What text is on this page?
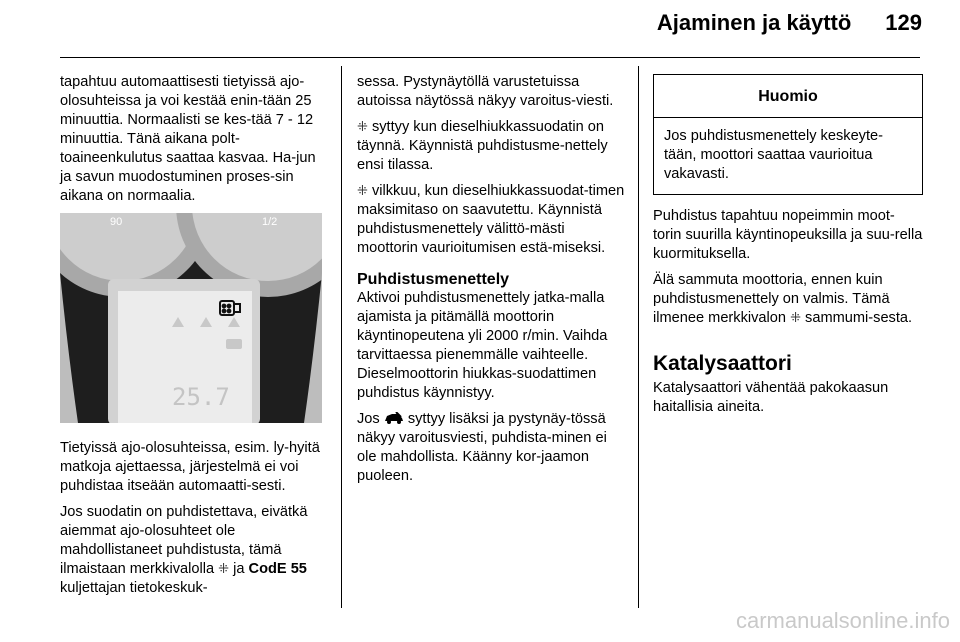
Ajaminen ja käyttö 129

tapahtuu automaattisesti tietyissä ajo-olosuhteissa ja voi kestää enin-tään 25 minuuttia. Normaalisti se kes-tää 7 - 12 minuuttia. Tänä aikana polt-toaineenkulutus saattaa kasvaa. Ha-jun ja savun muodostuminen proses-sin aikana on normaalia.

90	1/2
25.7

Tietyissä ajo-olosuhteissa, esim. ly-hyitä matkoja ajettaessa, järjestelmä ei voi puhdistaa itseään automaatti-sesti.

Jos suodatin on puhdistettava, eivätkä aiemmat ajo-olosuhteet ole mahdollistaneet puhdistusta, tämä ilmaistaan merkkivalolla ⁜ ja CodE 55 kuljettajan tietokeskuk-

sessa. Pystynäytöllä varustetuissa autoissa näytössä näkyy varoitus-viesti.

⁜ syttyy kun dieselhiukkassuodatin on täynnä. Käynnistä puhdistusme-nettely ensi tilassa.

⁜ vilkkuu, kun dieselhiukkassuodat-timen maksimitaso on saavutettu. Käynnistä puhdistusmenettely välittö-mästi moottorin vaurioitumisen estä-miseksi.

Puhdistusmenettely

Aktivoi puhdistusmenettely jatka-malla ajamista ja pitämällä moottorin käyntinopeutena yli 2000 r/min. Vaihda tarvittaessa pienemmälle vaihteelle. Dieselmoottorin hiukkas-suodattimen puhdistus käynnistyy.

Jos  syttyy lisäksi ja pystynäy-tössä näkyy varoitusviesti, puhdista-minen ei ole mahdollista. Käänny kor-jaamon puoleen.

Huomio
Jos puhdistusmenettely keskeyte-tään, moottori saattaa vaurioitua vakavasti.

Puhdistus tapahtuu nopeimmin moot-torin suurilla käyntinopeuksilla ja suu-rella kuormituksella.

Älä sammuta moottoria, ennen kuin puhdistusmenettely on valmis. Tämä ilmenee merkkivalon ⁜ sammumi-sesta.

Katalysaattori

Katalysaattori vähentää pakokaasun haitallisia aineita.

carmanualsonline.info
